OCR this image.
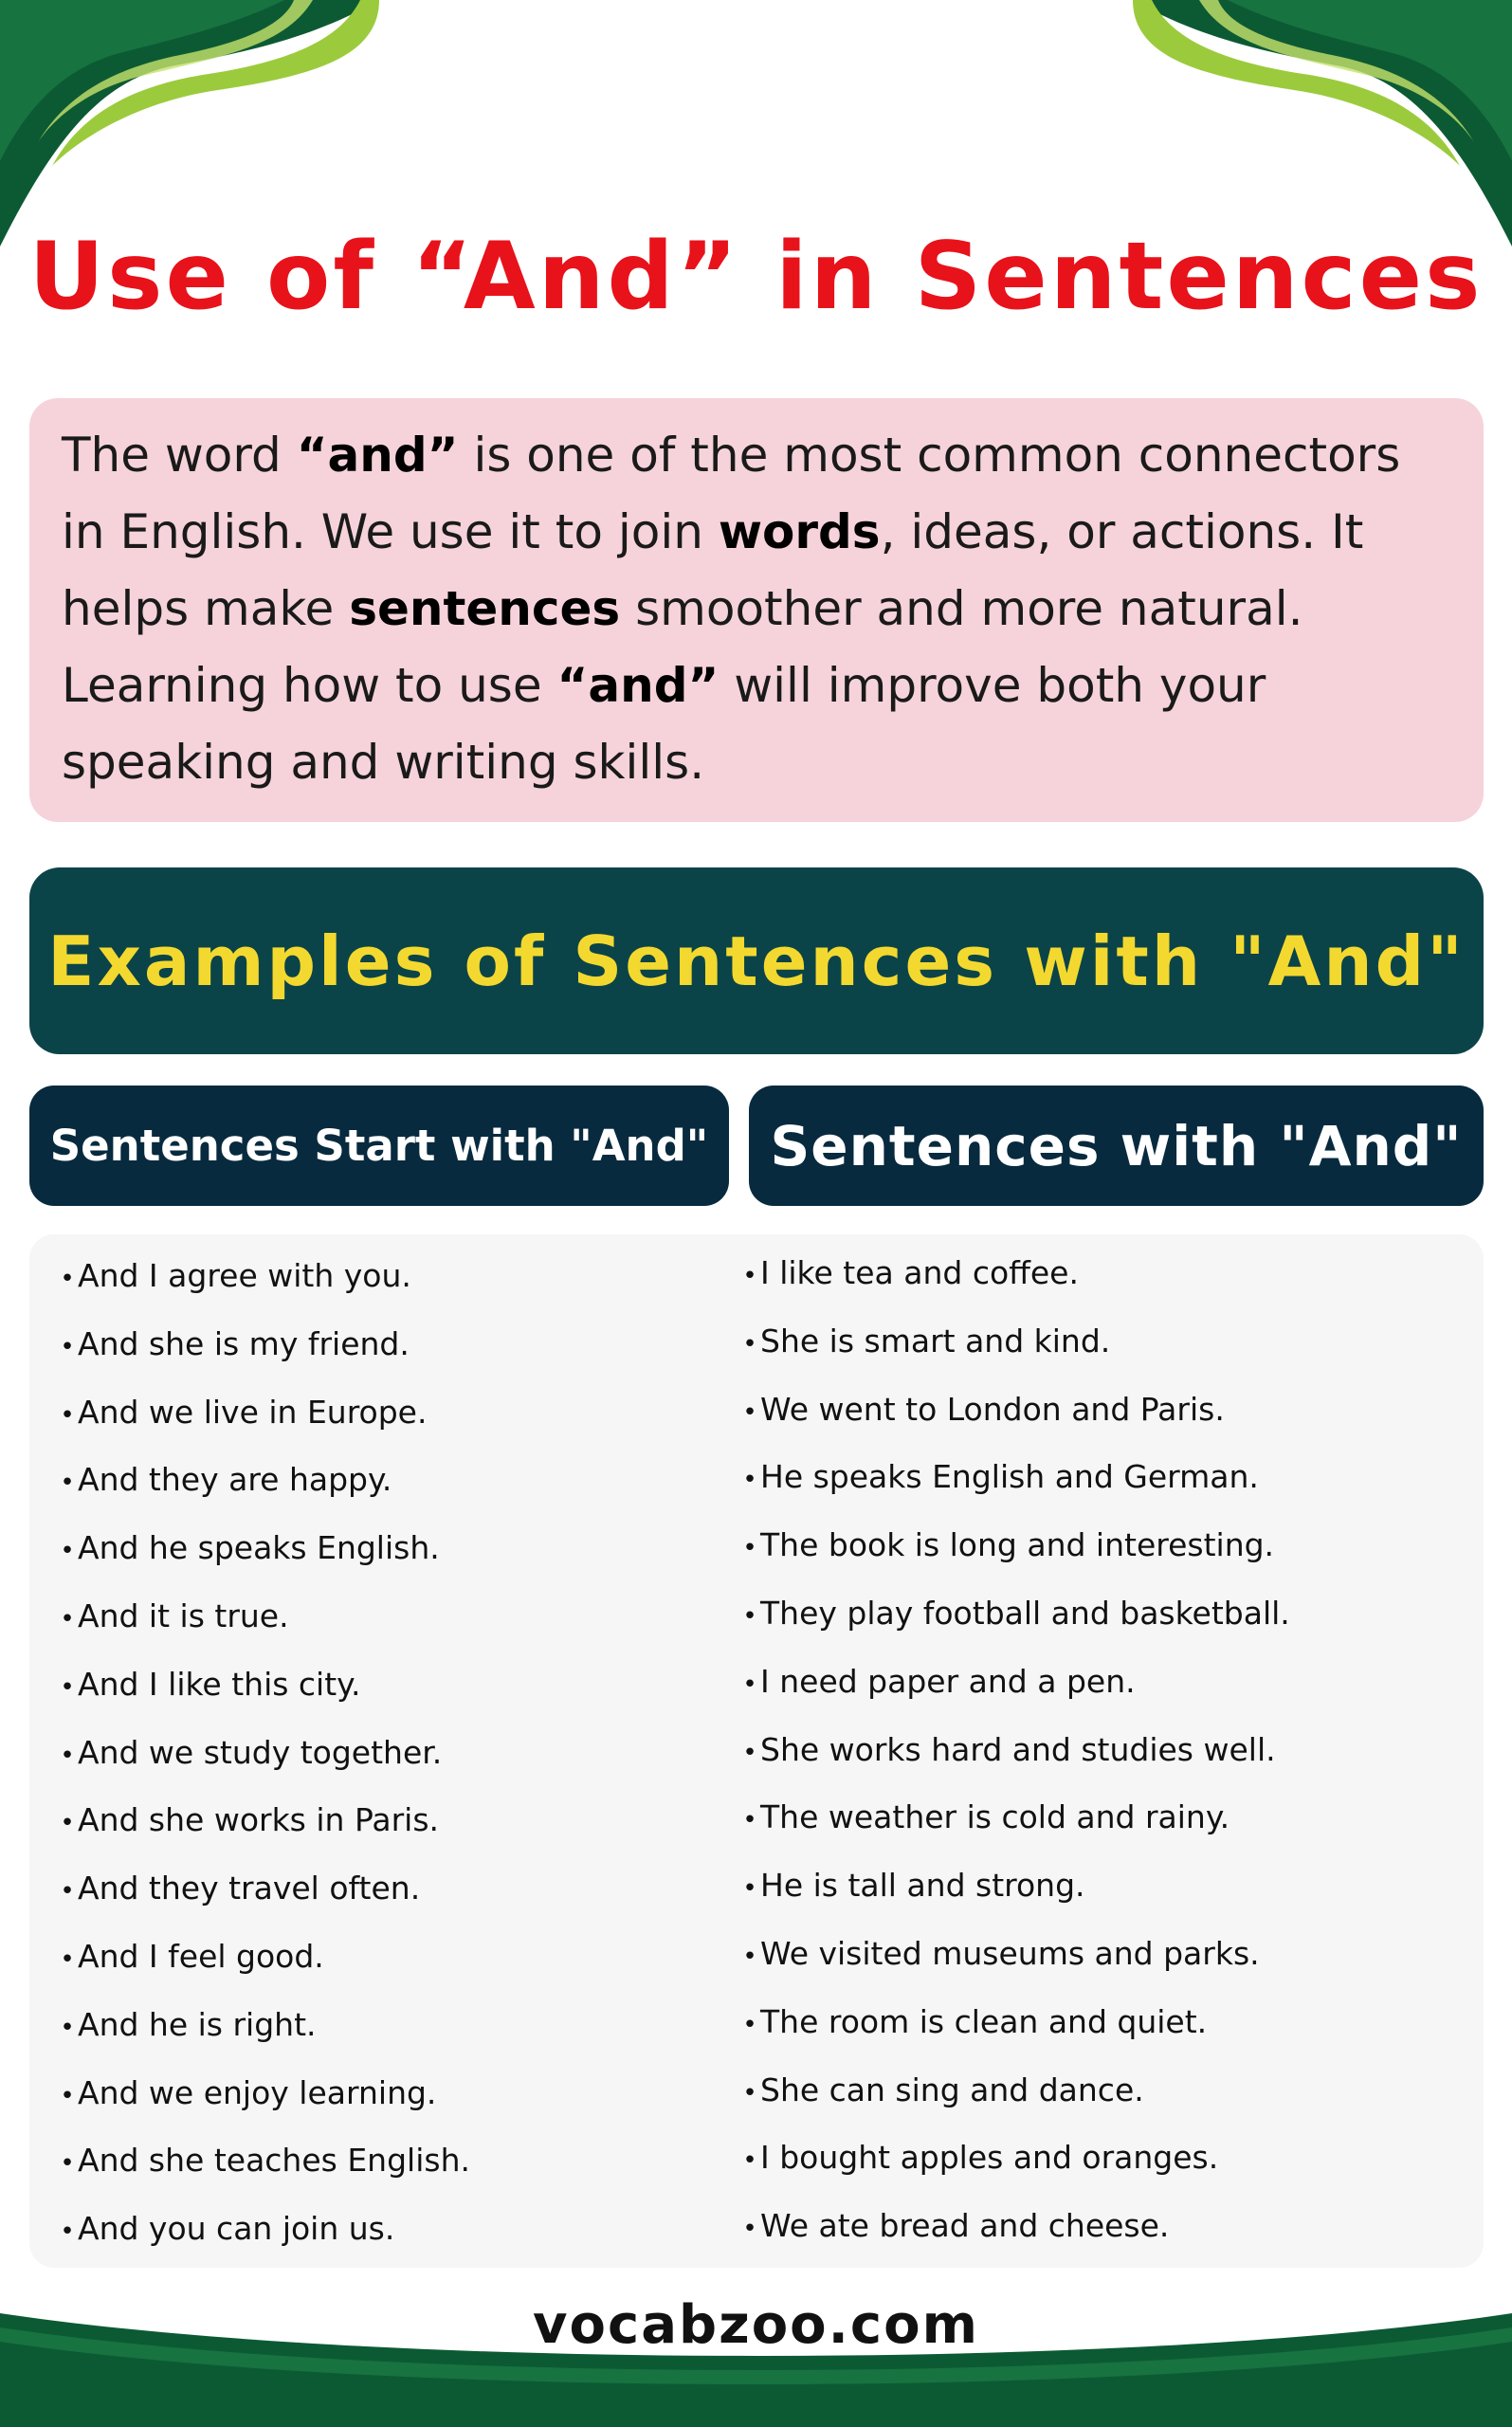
Use of “And” in Sentences
The word “and” is one of the most common connectors
in English. We use it to join words, ideas, or actions. It
helps make sentences smoother and more natural.
Learning how to use “and” will improve both your
speaking and writing skills.
Examples of Sentences with "And"
Sentences Start with "And"	Sentences with "And"
• And I agree with you.
• And she is my friend.
• And we live in Europe.
• And they are happy.
• And he speaks English.
• And it is true.
• And I like this city.
• And we study together.
• And she works in Paris.
• And they travel often.
• And I feel good.
• And he is right.
• And we enjoy learning.
• And she teaches English.
• And you can join us.
• I like tea and coffee.
• She is smart and kind.
• We went to London and Paris.
• He speaks English and German.
• The book is long and interesting.
• They play football and basketball.
• I need paper and a pen.
• She works hard and studies well.
• The weather is cold and rainy.
• He is tall and strong.
• We visited museums and parks.
• The room is clean and quiet.
• She can sing and dance.
• I bought apples and oranges.
• We ate bread and cheese.
vocabzoo.com
